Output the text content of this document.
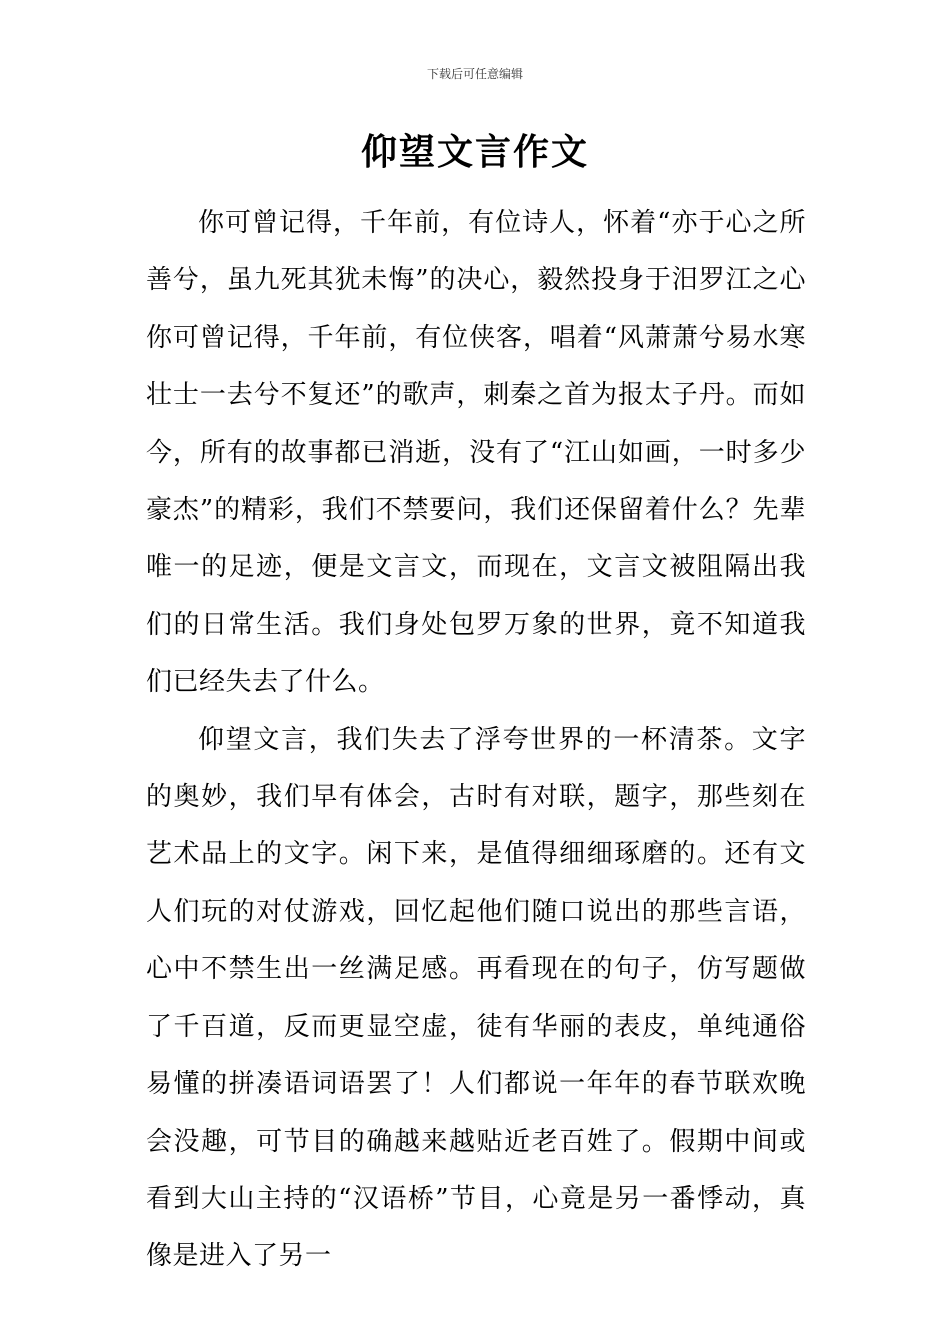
下载后可任意编辑
仰望文言作文

你可曾记得，千年前，有位诗人，怀着“亦于心之所善兮，虽九死其犹未悔”的决心，毅然投身于汨罗江之心你可曾记得，千年前，有位侠客，唱着“风萧萧兮易水寒壮士一去兮不复还”的歌声，刺秦之首为报太子丹。而如今，所有的故事都已消逝，没有了“江山如画，一时多少豪杰”的精彩，我们不禁要问，我们还保留着什么？先辈唯一的足迹，便是文言文，而现在，文言文被阻隔出我们的日常生活。我们身处包罗万象的世界，竟不知道我们已经失去了什么。

仰望文言，我们失去了浮夸世界的一杯清茶。文字的奥妙，我们早有体会，古时有对联，题字，那些刻在艺术品上的文字。闲下来，是值得细细琢磨的。还有文人们玩的对仗游戏，回忆起他们随口说出的那些言语，心中不禁生出一丝满足感。再看现在的句子，仿写题做了千百道，反而更显空虚，徒有华丽的表皮，单纯通俗易懂的拼凑语词语罢了！人们都说一年年的春节联欢晚会没趣，可节目的确越来越贴近老百姓了。假期中间或看到大山主持的“汉语桥”节目，心竟是另一番悸动，真像是进入了另一
